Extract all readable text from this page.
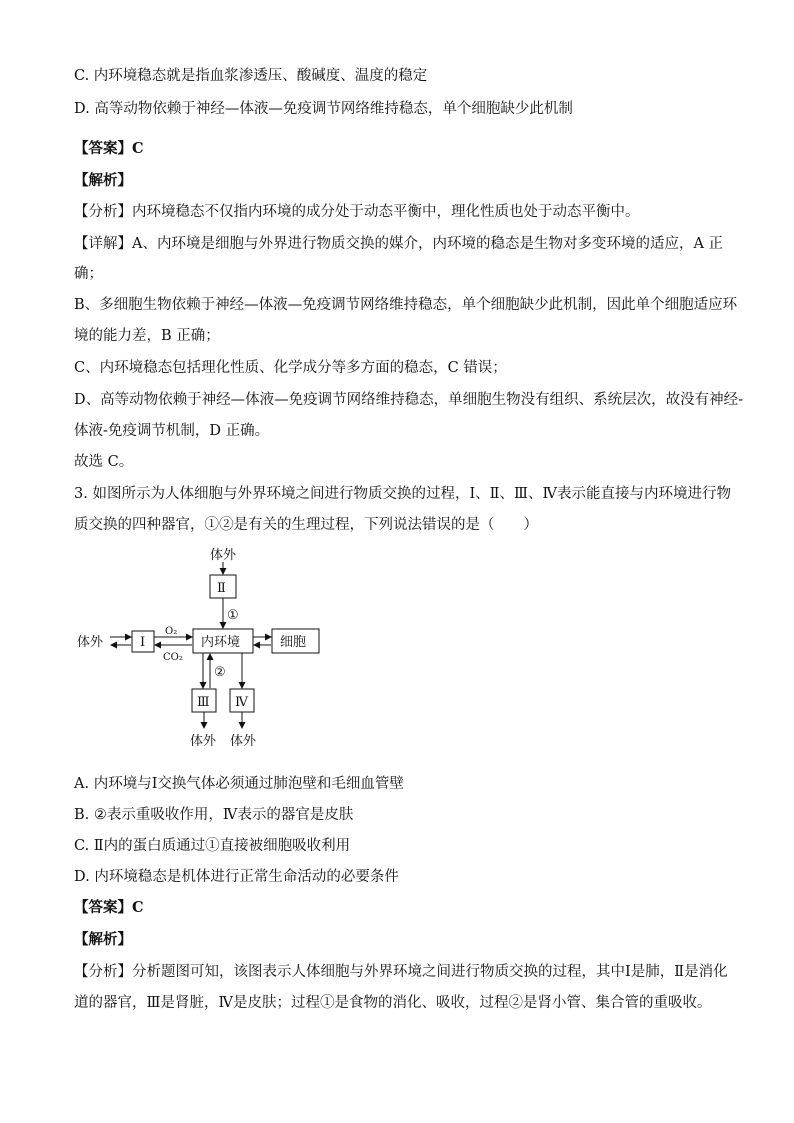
C. 内环境稳态就是指血浆渗透压、酸碱度、温度的稳定
D. 高等动物依赖于神经—体液—免疫调节网络维持稳态，单个细胞缺少此机制
【答案】C
【解析】
【分析】内环境稳态不仅指内环境的成分处于动态平衡中，理化性质也处于动态平衡中。
【详解】A、内环境是细胞与外界进行物质交换的媒介，内环境的稳态是生物对多变环境的适应，A 正
确；
B、多细胞生物依赖于神经—体液—免疫调节网络维持稳态，单个细胞缺少此机制，因此单个细胞适应环
境的能力差，B 正确；
C、内环境稳态包括理化性质、化学成分等多方面的稳态，C 错误；
D、高等动物依赖于神经—体液—免疫调节网络维持稳态，单细胞生物没有组织、系统层次，故没有神经-
体液-免疫调节机制，D 正确。
故选 C。
3. 如图所示为人体细胞与外界环境之间进行物质交换的过程，Ⅰ、Ⅱ、Ⅲ、Ⅳ表示能直接与内环境进行物
质交换的四种器官，①②是有关的生理过程，下列说法错误的是（　　）
体外
Ⅱ
①
体外	Ⅰ
O₂
CO₂
内环境	细胞
②
Ⅲ Ⅳ
体外 体外
A. 内环境与Ⅰ交换气体必须通过肺泡壁和毛细血管壁
B. ②表示重吸收作用，Ⅳ表示的器官是皮肤
C. Ⅱ内的蛋白质通过①直接被细胞吸收利用
D. 内环境稳态是机体进行正常生命活动的必要条件
【答案】C
【解析】
【分析】分析题图可知，该图表示人体细胞与外界环境之间进行物质交换的过程，其中Ⅰ是肺，Ⅱ是消化
道的器官，Ⅲ是肾脏，Ⅳ是皮肤；过程①是食物的消化、吸收，过程②是肾小管、集合管的重吸收。
